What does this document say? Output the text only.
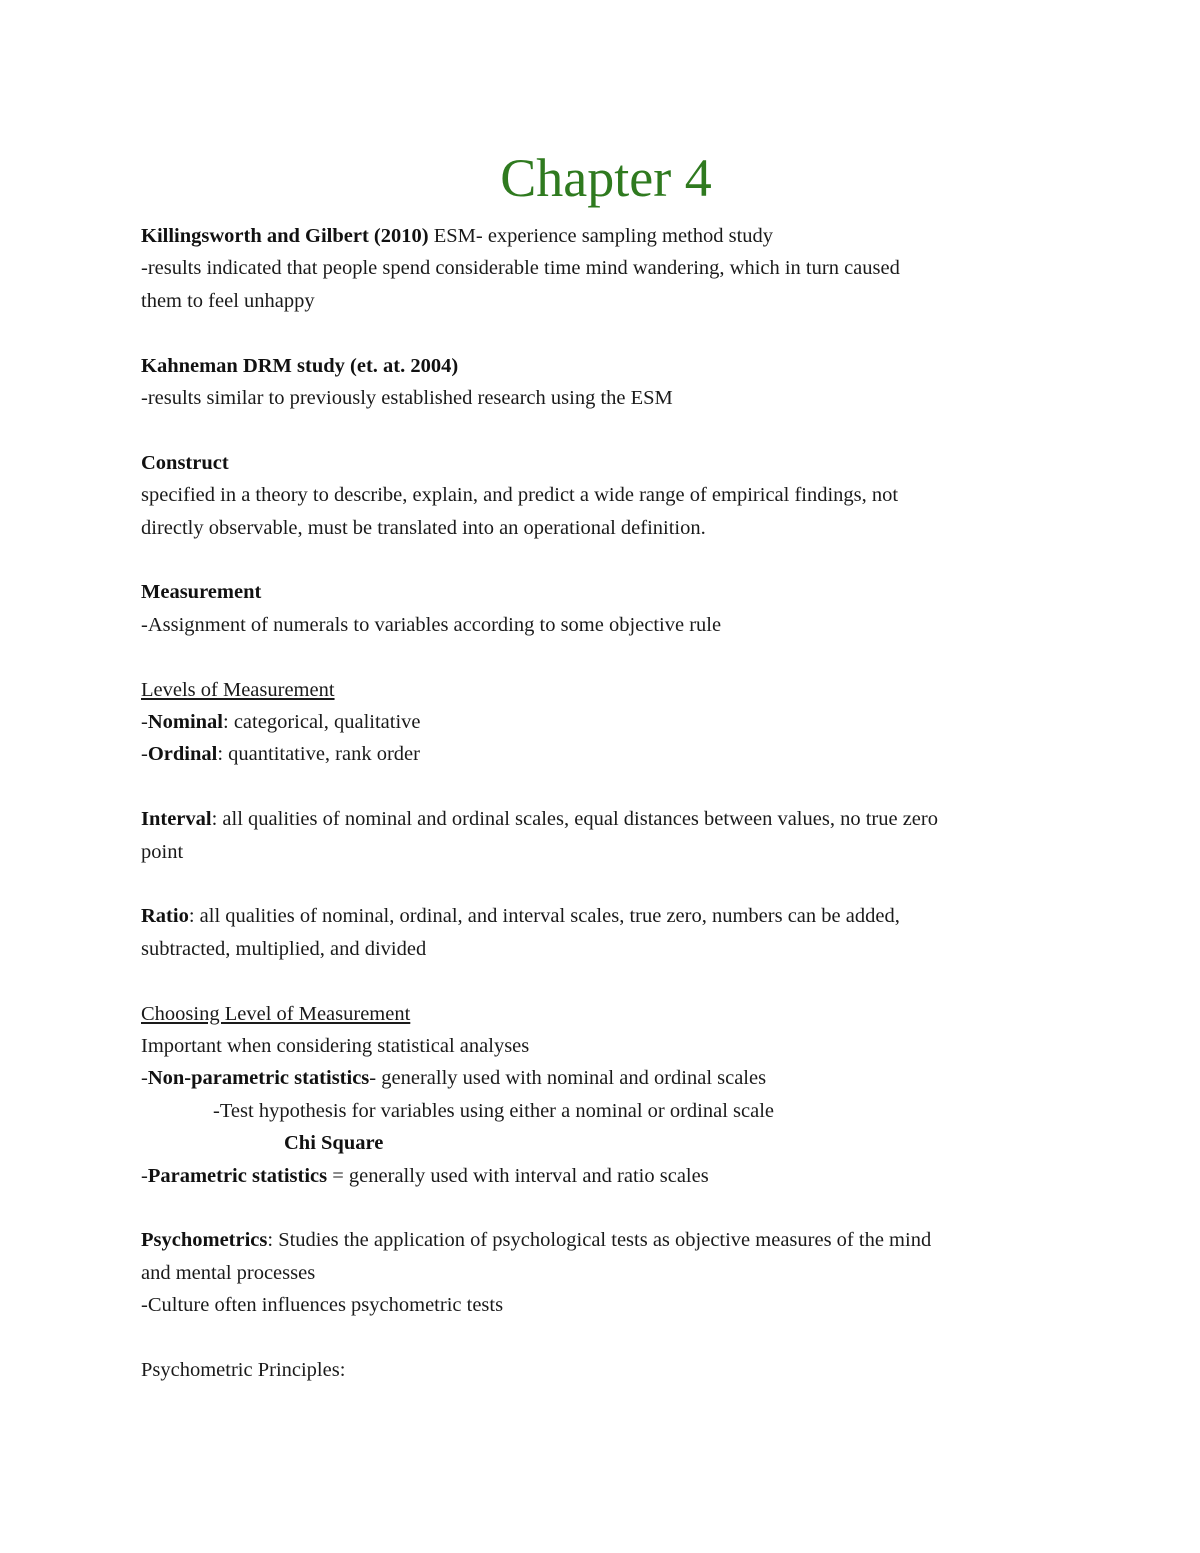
Chapter 4

Killingsworth and Gilbert (2010) ESM- experience sampling method study

-results indicated that people spend considerable time mind wandering, which in turn caused

them to feel unhappy

Kahneman DRM study (et. at. 2004)

-results similar to previously established research using the ESM

Construct

specified in a theory to describe, explain, and predict a wide range of empirical findings, not

directly observable, must be translated into an operational definition.

Measurement

-Assignment of numerals to variables according to some objective rule

Levels of Measurement

-Nominal: categorical, qualitative

-Ordinal: quantitative, rank order

Interval: all qualities of nominal and ordinal scales, equal distances between values, no true zero

point

Ratio: all qualities of nominal, ordinal, and interval scales, true zero, numbers can be added,

subtracted, multiplied, and divided

Choosing Level of Measurement

Important when considering statistical analyses

-Non-parametric statistics- generally used with nominal and ordinal scales

-Test hypothesis for variables using either a nominal or ordinal scale

Chi Square

-Parametric statistics = generally used with interval and ratio scales

Psychometrics: Studies the application of psychological tests as objective measures of the mind

and mental processes

-Culture often influences psychometric tests

Psychometric Principles:
